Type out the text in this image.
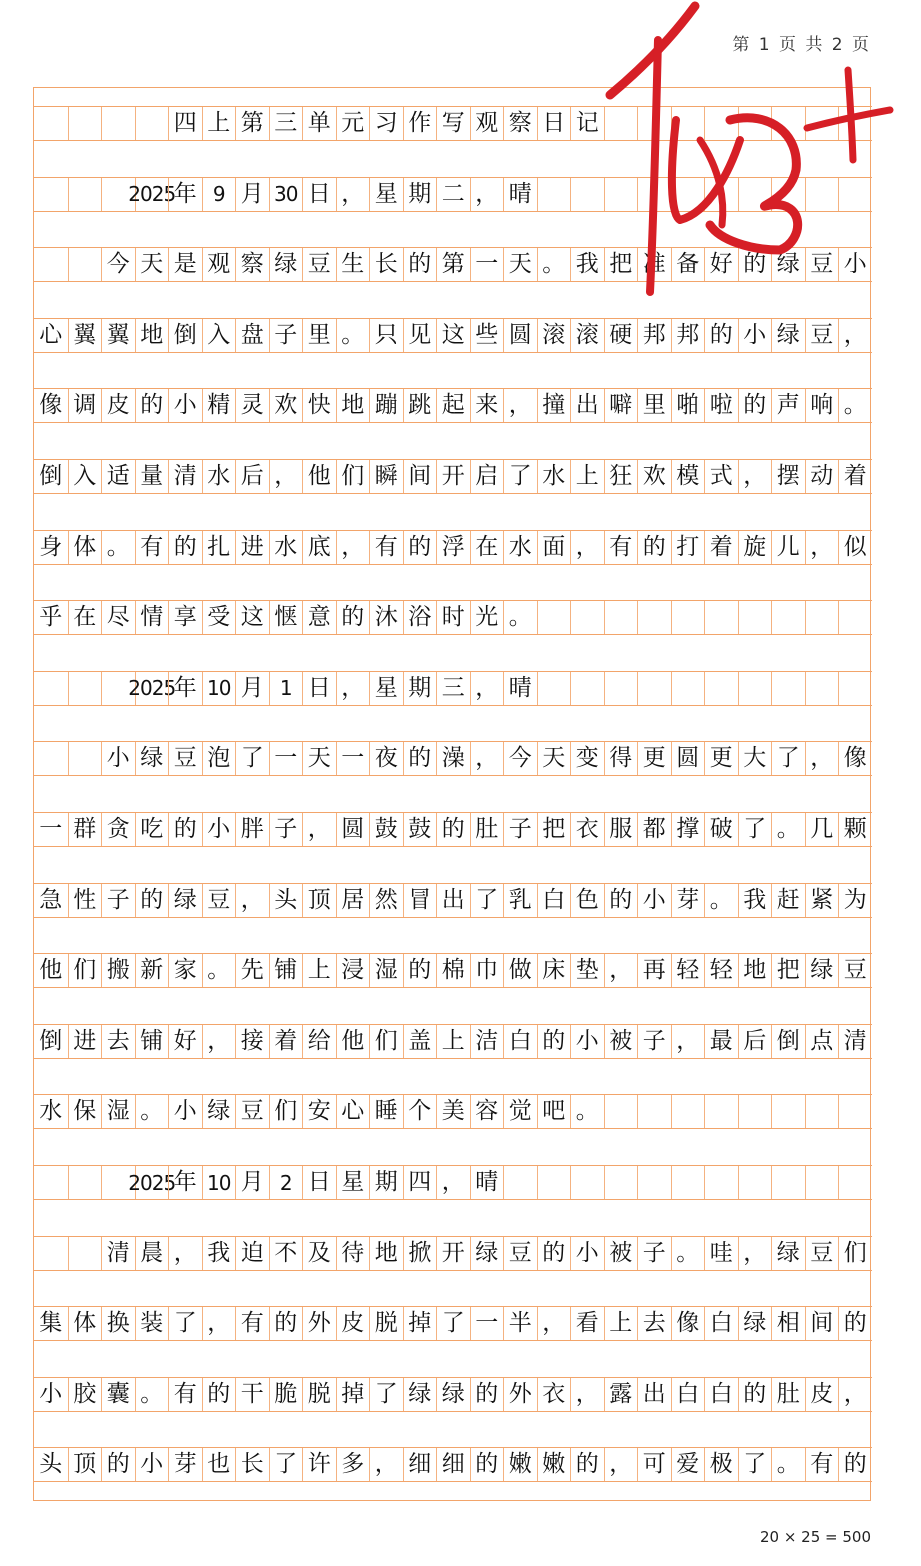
第 1 页 共 2 页
四 上 第 三 单 元 习 作 写 观 察 日 记
2025
年 9 月 30 日 ， 星 期 二 ， 晴
今 天 是 观 察 绿 豆 生 长 的 第 一 天 。 我 把 准 备 好 的 绿 豆 小
心 翼 翼 地 倒 入 盘 子 里 。 只 见 这 些 圆 滚 滚 硬 邦 邦 的 小 绿 豆 ，
像 调 皮 的 小 精 灵 欢 快 地 蹦 跳 起 来 ， 撞 出 噼 里 啪 啦 的 声 响 。
倒 入 适 量 清 水 后 ， 他 们 瞬 间 开 启 了 水 上 狂 欢 模 式 ， 摆 动 着
身 体 。 有 的 扎 进 水 底 ， 有 的 浮 在 水 面 ， 有 的 打 着 旋 儿 ， 似
乎 在 尽 情 享 受 这 惬 意 的 沐 浴 时 光 。
2025
年 10 月 1 日 ， 星 期 三 ， 晴
小 绿 豆 泡 了 一 天 一 夜 的 澡 ， 今 天 变 得 更 圆 更 大 了 ， 像
一 群 贪 吃 的 小 胖 子 ， 圆 鼓 鼓 的 肚 子 把 衣 服 都 撑 破 了 。 几 颗
急 性 子 的 绿 豆 ， 头 顶 居 然 冒 出 了 乳 白 色 的 小 芽 。 我 赶 紧 为
他 们 搬 新 家 。 先 铺 上 浸 湿 的 棉 巾 做 床 垫 ， 再 轻 轻 地 把 绿 豆
倒 进 去 铺 好 ， 接 着 给 他 们 盖 上 洁 白 的 小 被 子 ， 最 后 倒 点 清
水 保 湿 。 小 绿 豆 们 安 心 睡 个 美 容 觉 吧 。
2025
年 10 月 2 日 星 期 四 ， 晴
清 晨 ， 我 迫 不 及 待 地 掀 开 绿 豆 的 小 被 子 。 哇 ， 绿 豆 们
集 体 换 装 了 ， 有 的 外 皮 脱 掉 了 一 半 ， 看 上 去 像 白 绿 相 间 的
小 胶 囊 。 有 的 干 脆 脱 掉 了 绿 绿 的 外 衣 ， 露 出 白 白 的 肚 皮 ，
头 顶 的 小 芽 也 长 了 许 多 ， 细 细 的 嫩 嫩 的 ， 可 爱 极 了 。 有 的
20 × 25 = 500
